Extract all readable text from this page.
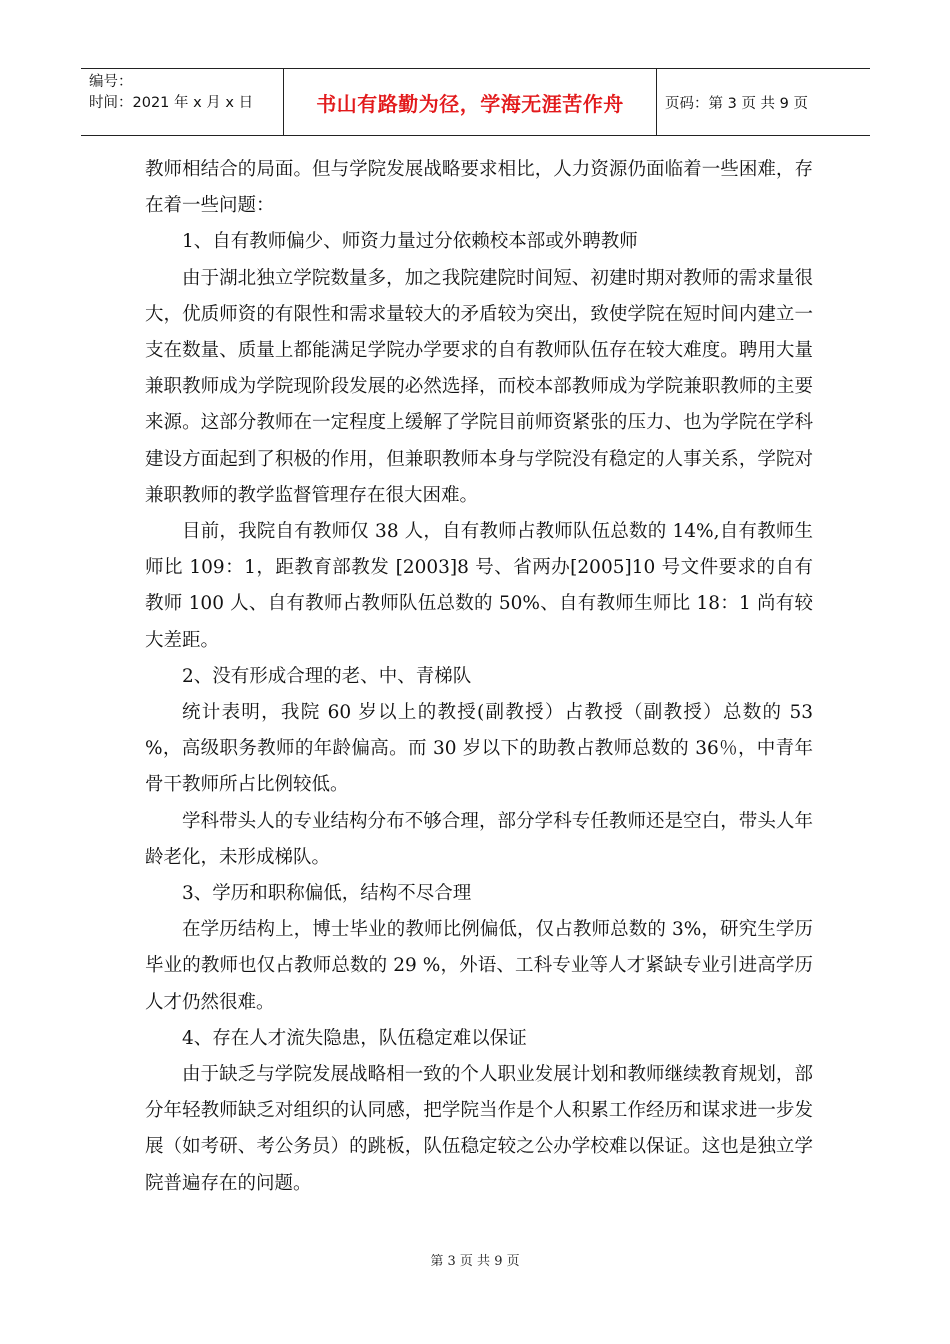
编号：
时间：2021 年 x 月 x 日	书山有路勤为径，学海无涯苦作舟	页码：第 3 页 共 9 页

教师相结合的局面。但与学院发展战略要求相比，人力资源仍面临着一些困难，存在着一些问题：

1、自有教师偏少、师资力量过分依赖校本部或外聘教师

由于湖北独立学院数量多，加之我院建院时间短、初建时期对教师的需求量很大，优质师资的有限性和需求量较大的矛盾较为突出，致使学院在短时间内建立一支在数量、质量上都能满足学院办学要求的自有教师队伍存在较大难度。聘用大量兼职教师成为学院现阶段发展的必然选择，而校本部教师成为学院兼职教师的主要来源。这部分教师在一定程度上缓解了学院目前师资紧张的压力、也为学院在学科建设方面起到了积极的作用，但兼职教师本身与学院没有稳定的人事关系，学院对兼职教师的教学监督管理存在很大困难。

目前，我院自有教师仅 38 人，自有教师占教师队伍总数的 14%,自有教师生师比 109：1，距教育部教发 [2003]8 号、省两办[2005]10 号文件要求的自有教师 100 人、自有教师占教师队伍总数的 50%、自有教师生师比 18：1 尚有较大差距。

2、没有形成合理的老、中、青梯队

统计表明，我院 60 岁以上的教授(副教授）占教授（副教授）总数的 53 %，高级职务教师的年龄偏高。而 30 岁以下的助教占教师总数的 36％，中青年骨干教师所占比例较低。

学科带头人的专业结构分布不够合理，部分学科专任教师还是空白，带头人年龄老化，未形成梯队。

3、学历和职称偏低，结构不尽合理

在学历结构上，博士毕业的教师比例偏低，仅占教师总数的 3%，研究生学历毕业的教师也仅占教师总数的 29 %，外语、工科专业等人才紧缺专业引进高学历人才仍然很难。

4、存在人才流失隐患，队伍稳定难以保证

由于缺乏与学院发展战略相一致的个人职业发展计划和教师继续教育规划，部分年轻教师缺乏对组织的认同感，把学院当作是个人积累工作经历和谋求进一步发展（如考研、考公务员）的跳板，队伍稳定较之公办学校难以保证。这也是独立学院普遍存在的问题。

第 3 页 共 9 页
